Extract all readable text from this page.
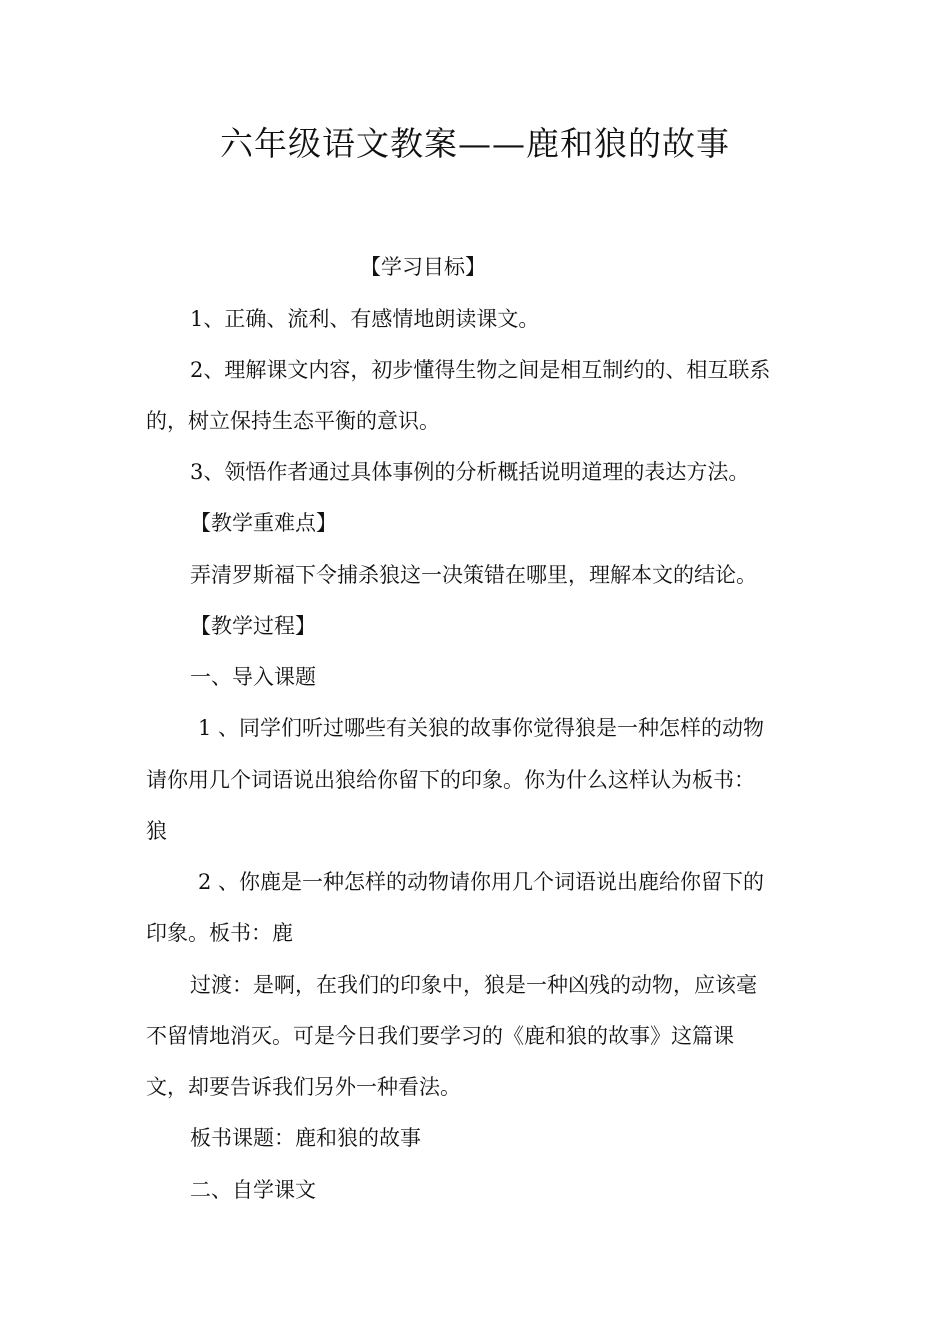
六年级语文教案——鹿和狼的故事
【学习目标】
1、正确、流利、有感情地朗读课文。
2、理解课文内容，初步懂得生物之间是相互制约的、相互联系
的，树立保持生态平衡的意识。
3、领悟作者通过具体事例的分析概括说明道理的表达方法。
【教学重难点】
弄清罗斯福下令捕杀狼这一决策错在哪里，理解本文的结论。
【教学过程】
一、导入课题
1 、同学们听过哪些有关狼的故事你觉得狼是一种怎样的动物
请你用几个词语说出狼给你留下的印象。你为什么这样认为板书：
狼
2 、你鹿是一种怎样的动物请你用几个词语说出鹿给你留下的
印象。板书：鹿
过渡：是啊，在我们的印象中，狼是一种凶残的动物，应该毫
不留情地消灭。可是今日我们要学习的《鹿和狼的故事》这篇课
文，却要告诉我们另外一种看法。
板书课题：鹿和狼的故事
二、自学课文
